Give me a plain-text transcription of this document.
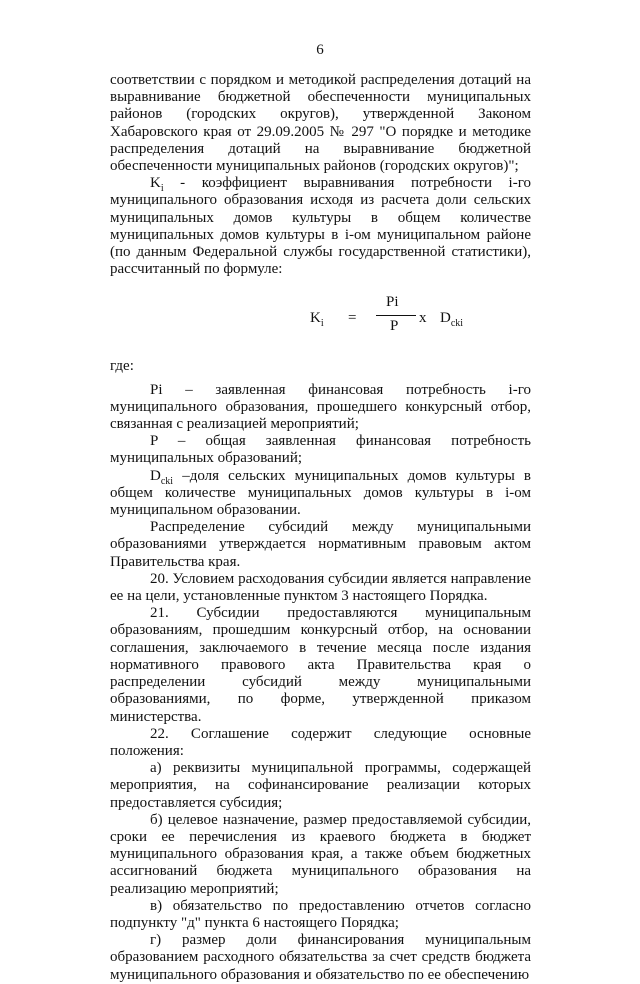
6

соответствии с порядком и методикой распределения дотаций на выравнивание бюджетной обеспеченности муниципальных районов (городских округов), утвержденной Законом Хабаровского края от 29.09.2005 № 297 "О порядке и методике распределения дотаций на выравнивание бюджетной обеспеченности муниципальных районов (городских округов)";

$K_i$ - коэффициент выравнивания потребности i-го муниципального образования исходя из расчета доли сельских муниципальных домов культуры в общем количестве муниципальных домов культуры в i-ом муниципальном районе (по данным Федеральной службы государственной статистики), рассчитанный по формуле:

$K_i$ =
Pi
P x $D_{cki}$

где:

Pi – заявленная финансовая потребность i-го муниципального образования, прошедшего конкурсный отбор, связанная с реализацией мероприятий;

P – общая заявленная финансовая потребность муниципальных образований;

$D_{cki}$ –доля сельских муниципальных домов культуры в общем количестве муниципальных домов культуры в i-ом муниципальном образовании.

Распределение субсидий между муниципальными образованиями утверждается нормативным правовым актом Правительства края.

20. Условием расходования субсидии является направление ее на цели, установленные пунктом 3 настоящего Порядка.

21. Субсидии предоставляются муниципальным образованиям, прошедшим конкурсный отбор, на основании соглашения, заключаемого в течение месяца после издания нормативного правового акта Правительства края о распределении субсидий между муниципальными образованиями, по форме, утвержденной приказом министерства.

22. Соглашение содержит следующие основные положения:

а) реквизиты муниципальной программы, содержащей мероприятия, на софинансирование реализации которых предоставляется субсидия;

б) целевое назначение, размер предоставляемой субсидии, сроки ее перечисления из краевого бюджета в бюджет муниципального образования края, а также объем бюджетных ассигнований бюджета муниципального образования на реализацию мероприятий;

в) обязательство по предоставлению отчетов согласно подпункту "д" пункта 6 настоящего Порядка;

г) размер доли финансирования муниципальным образованием расходного обязательства за счет средств бюджета муниципального образования и обязательство по ее обеспечению
